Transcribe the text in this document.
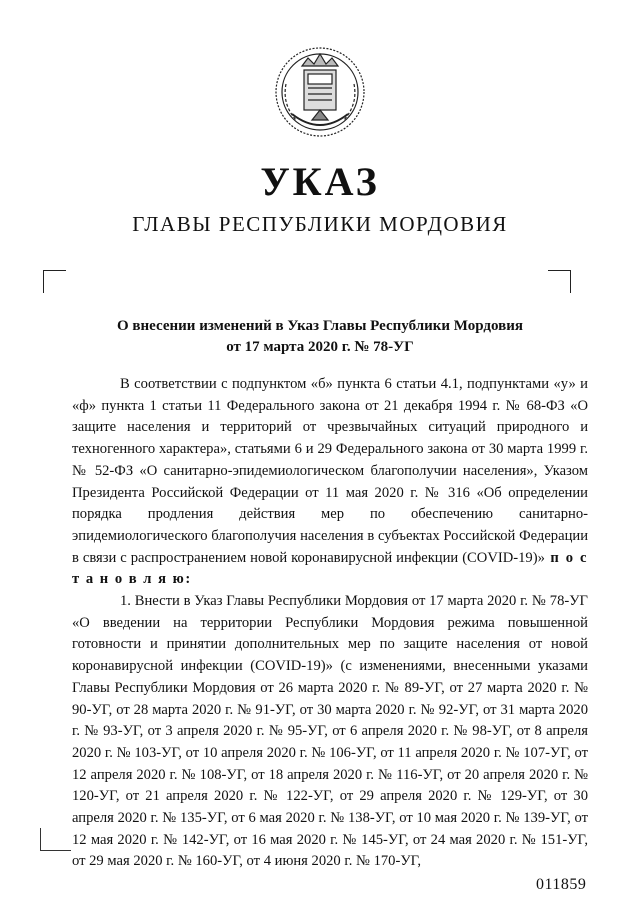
УКАЗ
ГЛАВЫ РЕСПУБЛИКИ МОРДОВИЯ
О внесении изменений в Указ Главы Республики Мордовия
от 17 марта 2020 г. № 78-УГ

В соответствии с подпунктом «б» пункта 6 статьи 4.1, подпунктами «у» и «ф» пункта 1 статьи 11 Федерального закона от 21 декабря 1994 г. № 68-ФЗ «О защите населения и территорий от чрезвычайных ситуаций природного и техногенного характера», статьями 6 и 29 Федерального закона от 30 марта 1999 г. № 52-ФЗ «О санитарно-эпидемиологическом благополучии населения», Указом Президента Российской Федерации от 11 мая 2020 г. № 316 «Об определении порядка продления действия мер по обеспечению санитарно-эпидемиологического благополучия населения в субъектах Российской Федерации в связи с распространением новой коронавирусной инфекции (COVID-19)» п о с т а н о в л я ю:

1. Внести в Указ Главы Республики Мордовия от 17 марта 2020 г. № 78-УГ «О введении на территории Республики Мордовия режима повышенной готовности и принятии дополнительных мер по защите населения от новой коронавирусной инфекции (COVID-19)» (с изменениями, внесенными указами Главы Республики Мордовия от 26 марта 2020 г. № 89-УГ, от 27 марта 2020 г. № 90-УГ, от 28 марта 2020 г. № 91-УГ, от 30 марта 2020 г. № 92-УГ, от 31 марта 2020 г. № 93-УГ, от 3 апреля 2020 г. № 95-УГ, от 6 апреля 2020 г. № 98-УГ, от 8 апреля 2020 г. № 103-УГ, от 10 апреля 2020 г. № 106-УГ, от 11 апреля 2020 г. № 107-УГ, от 12 апреля 2020 г. № 108-УГ, от 18 апреля 2020 г. № 116-УГ, от 20 апреля 2020 г. № 120-УГ, от 21 апреля 2020 г. № 122-УГ, от 29 апреля 2020 г. № 129-УГ, от 30 апреля 2020 г. № 135-УГ, от 6 мая 2020 г. № 138-УГ, от 10 мая 2020 г. № 139-УГ, от 12 мая 2020 г. № 142-УГ, от 16 мая 2020 г. № 145-УГ, от 24 мая 2020 г. № 151-УГ, от 29 мая 2020 г. № 160-УГ, от 4 июня 2020 г. № 170-УГ,

011859
